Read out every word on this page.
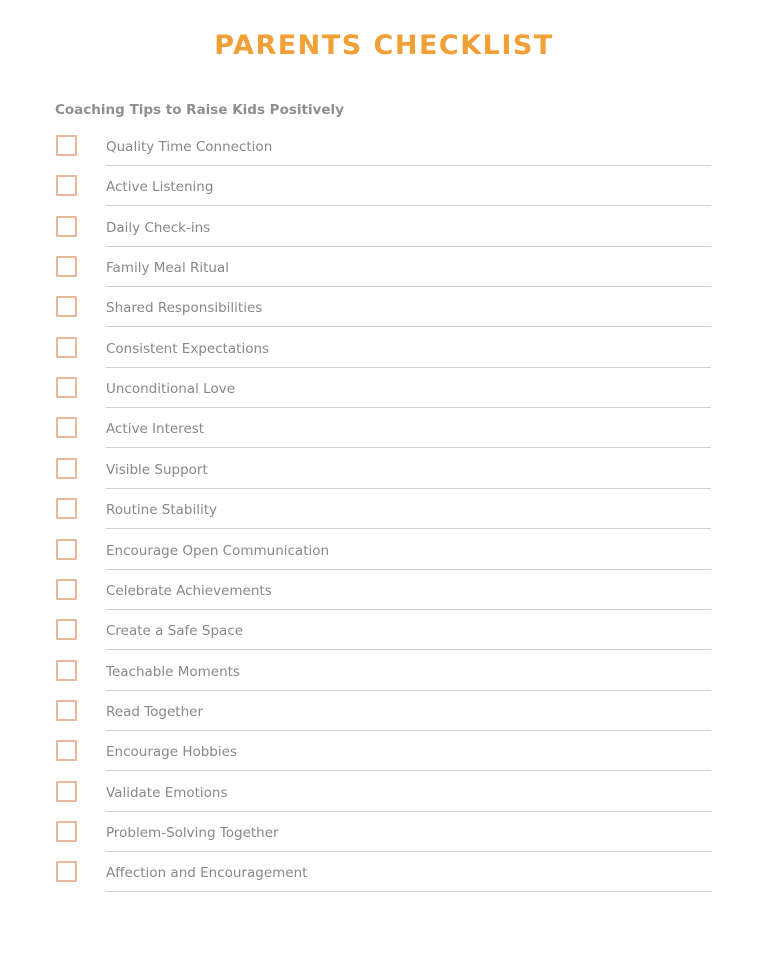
PARENTS CHECKLIST
Coaching Tips to Raise Kids Positively
Quality Time Connection
Active Listening
Daily Check-ins
Family Meal Ritual
Shared Responsibilities
Consistent Expectations
Unconditional Love
Active Interest
Visible Support
Routine Stability
Encourage Open Communication
Celebrate Achievements
Create a Safe Space
Teachable Moments
Read Together
Encourage Hobbies
Validate Emotions
Problem-Solving Together
Affection and Encouragement
